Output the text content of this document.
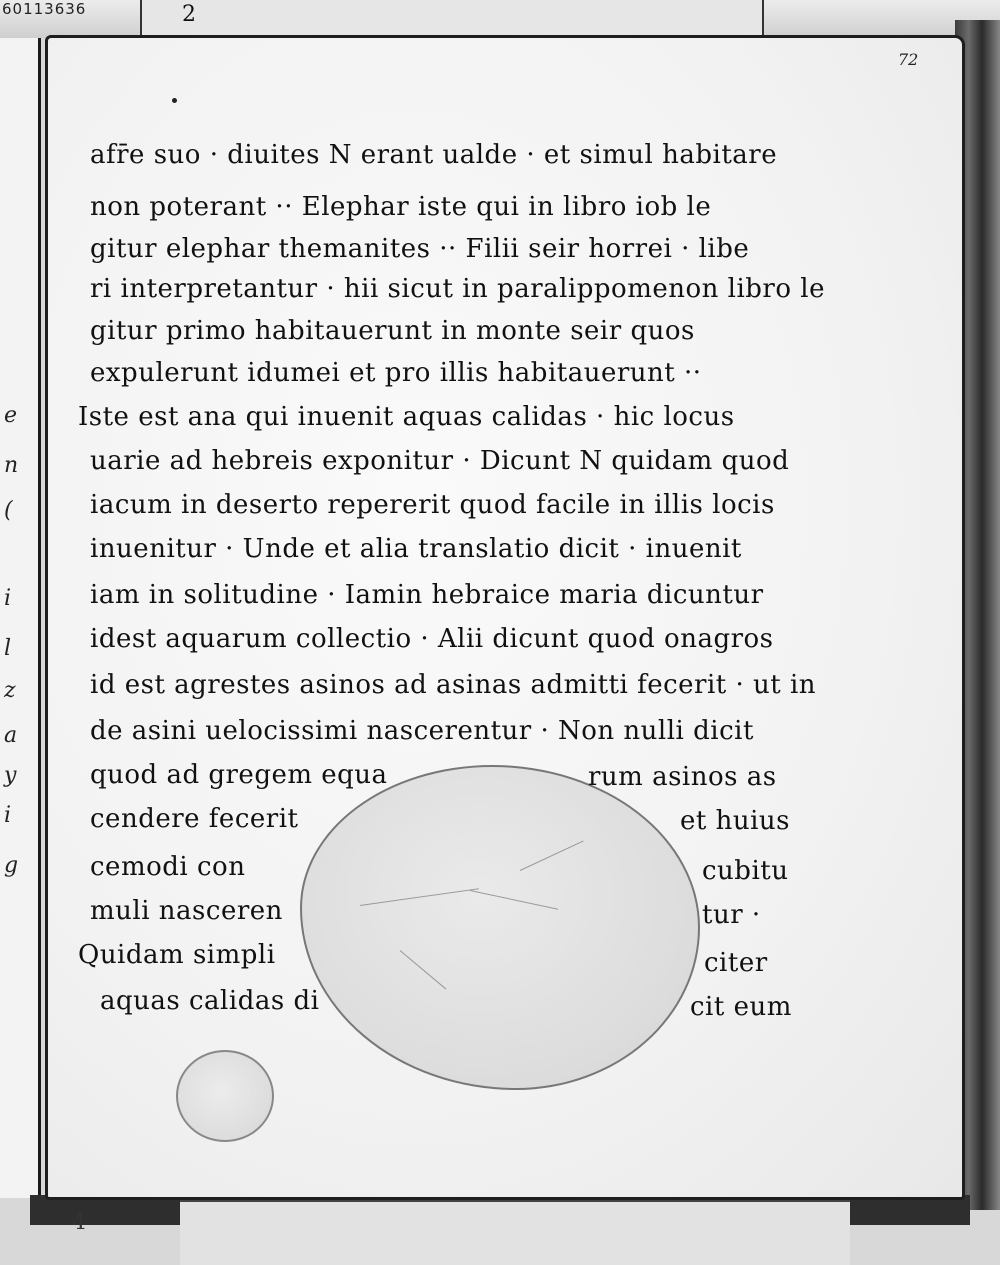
60113636	2
e
n
(
i
l
z
a
y
i
g
4
72
afr̄e suo · diuites N erant ualde · et simul habitare
non poterant ·· Elephar iste qui in libro iob le
gitur elephar themanites ·· Filii seir horrei · libe
ri interpretantur · hii sicut in paralippomenon libro le
gitur primo habitauerunt in monte seir quos
expulerunt idumei et pro illis habitauerunt ··
Iste est ana qui inuenit aquas calidas · hic locus
uarie ad hebreis exponitur · Dicunt N quidam quod
iacum in deserto repererit quod facile in illis locis
inuenitur · Unde et alia translatio dicit · inuenit
iam in solitudine · Iamin hebraice maria dicuntur
idest aquarum collectio · Alii dicunt quod onagros
id est agrestes asinos ad asinas admitti fecerit · ut in
de asini uelocissimi nascerentur · Non nulli dicit
quod ad gregem equa	rum asinos as
cendere fecerit	et huius
cemodi con	cubitu
muli nasceren	tur ·
Quidam simpli	citer
aquas calidas di	cit eum
